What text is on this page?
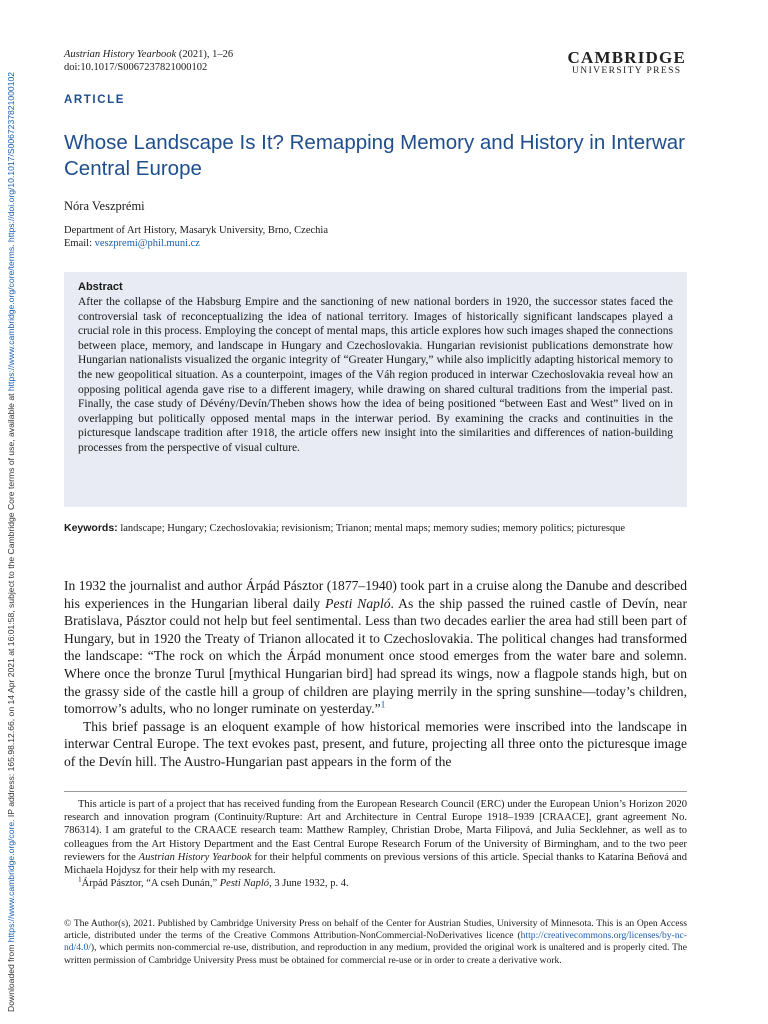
Downloaded from https://www.cambridge.org/core. IP address: 165.98.12.66, on 14 Apr 2021 at 16:01:58, subject to the Cambridge Core terms of use, available at https://www.cambridge.org/core/terms. https://doi.org/10.1017/S0067237821000102
Austrian History Yearbook (2021), 1–26
doi:10.1017/S0067237821000102
CAMBRIDGE
UNIVERSITY PRESS
ARTICLE
Whose Landscape Is It? Remapping Memory and History in Interwar Central Europe
Nóra Veszprémi
Department of Art History, Masaryk University, Brno, Czechia
Email: veszpremi@phil.muni.cz
Abstract
After the collapse of the Habsburg Empire and the sanctioning of new national borders in 1920, the successor states faced the controversial task of reconceptualizing the idea of national territory. Images of historically significant landscapes played a crucial role in this process. Employing the concept of mental maps, this article explores how such images shaped the connections between place, memory, and landscape in Hungary and Czechoslovakia. Hungarian revisionist publications demonstrate how Hungarian nationalists visualized the organic integrity of “Greater Hungary,” while also implicitly adapting historical memory to the new geopolitical situation. As a counterpoint, images of the Váh region produced in interwar Czechoslovakia reveal how an opposing political agenda gave rise to a different imagery, while drawing on shared cultural traditions from the imperial past. Finally, the case study of Dévény/Devín/Theben shows how the idea of being positioned “between East and West” lived on in overlapping but politically opposed mental maps in the interwar period. By examining the cracks and continuities in the picturesque landscape tradition after 1918, the article offers new insight into the similarities and differences of nation-building processes from the perspective of visual culture.
Keywords: landscape; Hungary; Czechoslovakia; revisionism; Trianon; mental maps; memory sudies; memory politics; picturesque

In 1932 the journalist and author Árpád Pásztor (1877–1940) took part in a cruise along the Danube and described his experiences in the Hungarian liberal daily Pesti Napló. As the ship passed the ruined castle of Devín, near Bratislava, Pásztor could not help but feel sentimental. Less than two decades earlier the area had still been part of Hungary, but in 1920 the Treaty of Trianon allocated it to Czechoslovakia. The political changes had transformed the landscape: “The rock on which the Árpád monument once stood emerges from the water bare and solemn. Where once the bronze Turul [mythical Hungarian bird] had spread its wings, now a flagpole stands high, but on the grassy side of the castle hill a group of children are playing merrily in the spring sunshine—today’s children, tomorrow’s adults, who no longer ruminate on yesterday.”$^1$

This brief passage is an eloquent example of how historical memories were inscribed into the landscape in interwar Central Europe. The text evokes past, present, and future, projecting all three onto the picturesque image of the Devín hill. The Austro-Hungarian past appears in the form of the

This article is part of a project that has received funding from the European Research Council (ERC) under the European Union’s Horizon 2020 research and innovation program (Continuity/Rupture: Art and Architecture in Central Europe 1918–1939 [CRAACE], grant agreement No. 786314). I am grateful to the CRAACE research team: Matthew Rampley, Christian Drobe, Marta Filipová, and Julia Secklehner, as well as to colleagues from the Art History Department and the East Central Europe Research Forum of the University of Birmingham, and to the two peer reviewers for the Austrian History Yearbook for their helpful comments on previous versions of this article. Special thanks to Katarína Beňová and Michaela Hojdysz for their help with my research.

$^1$Árpád Pásztor, “A cseh Dunán,” Pesti Napló, 3 June 1932, p. 4.

© The Author(s), 2021. Published by Cambridge University Press on behalf of the Center for Austrian Studies, University of Minnesota. This is an Open Access article, distributed under the terms of the Creative Commons Attribution-NonCommercial-NoDerivatives licence (http://creativecommons.org/licenses/by-nc-nd/4.0/), which permits non-commercial re-use, distribution, and reproduction in any medium, provided the original work is unaltered and is properly cited. The written permission of Cambridge University Press must be obtained for commercial re-use or in order to create a derivative work.
